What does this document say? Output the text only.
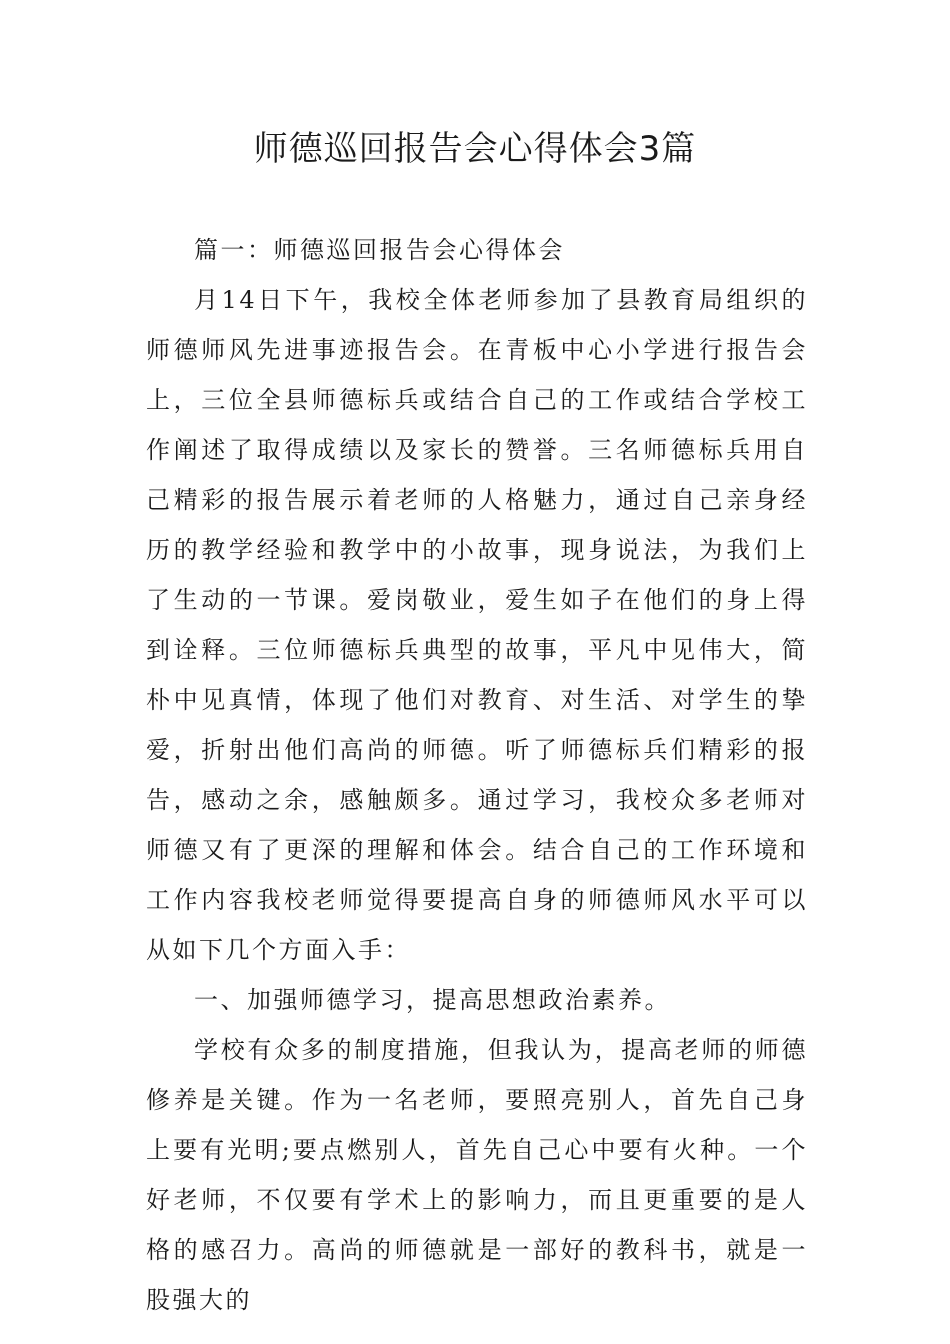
师德巡回报告会心得体会3篇

篇一：师德巡回报告会心得体会

月14日下午，我校全体老师参加了县教育局组织的师德师风先进事迹报告会。在青板中心小学进行报告会上，三位全县师德标兵或结合自己的工作或结合学校工作阐述了取得成绩以及家长的赞誉。三名师德标兵用自己精彩的报告展示着老师的人格魅力，通过自己亲身经历的教学经验和教学中的小故事，现身说法，为我们上了生动的一节课。爱岗敬业，爱生如子在他们的身上得到诠释。三位师德标兵典型的故事，平凡中见伟大，简朴中见真情，体现了他们对教育、对生活、对学生的挚爱，折射出他们高尚的师德。听了师德标兵们精彩的报告，感动之余，感触颇多。通过学习，我校众多老师对师德又有了更深的理解和体会。结合自己的工作环境和工作内容我校老师觉得要提高自身的师德师风水平可以从如下几个方面入手：

一、加强师德学习，提高思想政治素养。

学校有众多的制度措施，但我认为，提高老师的师德修养是关键。作为一名老师，要照亮别人，首先自己身上要有光明;要点燃别人，首先自己心中要有火种。一个好老师，不仅要有学术上的影响力，而且更重要的是人格的感召力。高尚的师德就是一部好的教科书，就是一股强大的
